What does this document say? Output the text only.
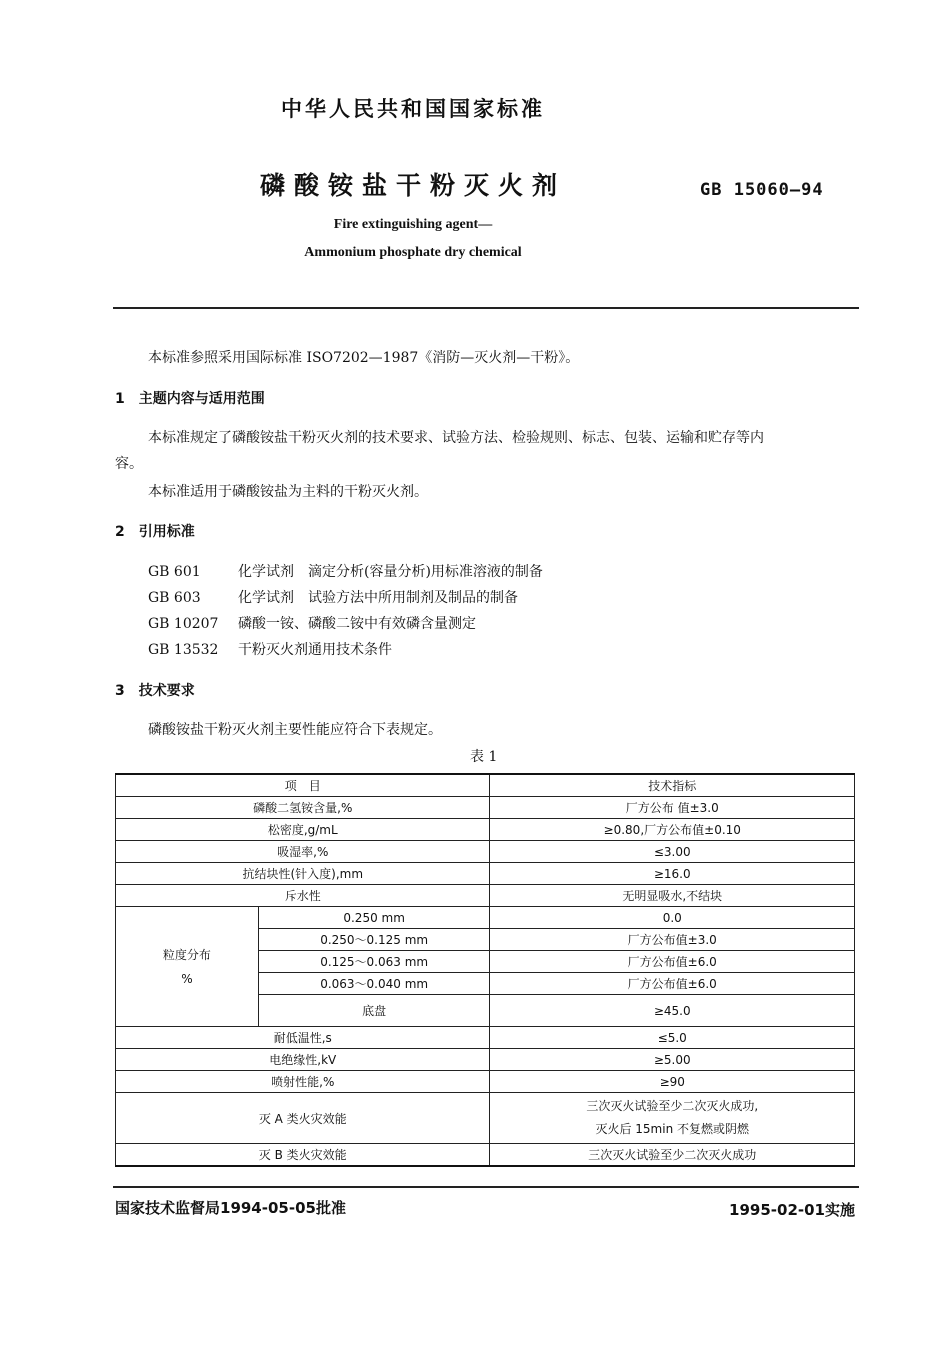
中华人民共和国国家标准
磷酸铵盐干粉灭火剂	GB 15060—94
Fire extinguishing agent—
Ammonium phosphate dry chemical
本标准参照采用国际标准 ISO7202—1987《消防—灭火剂—干粉》。
1　主题内容与适用范围
本标准规定了磷酸铵盐干粉灭火剂的技术要求、试验方法、检验规则、标志、包装、运输和贮存等内
容。
本标准适用于磷酸铵盐为主料的干粉灭火剂。
2　引用标准
GB 601	化学试剂　滴定分析(容量分析)用标准溶液的制备
GB 603	化学试剂　试验方法中所用制剂及制品的制备
GB 10207 磷酸一铵、磷酸二铵中有效磷含量测定
GB 13532 干粉灭火剂通用技术条件
3　技术要求
磷酸铵盐干粉灭火剂主要性能应符合下表规定。
表 1
项　目		技术指标
磷酸二氢铵含量,%		厂方公布 值±3.0
松密度,g/mL		≥0.80,厂方公布值±0.10
吸湿率,%		≤3.00
抗结块性(针入度),mm		≥16.0
斥水性		无明显吸水,不结块

粒度分布
%	0.250 mm	0.0
	0.250～0.125 mm	厂方公布值±3.0
	0.125～0.063 mm	厂方公布值±6.0
	0.063～0.040 mm	厂方公布值±6.0
	底盘	≥45.0
耐低温性,s		≤5.0
电绝缘性,kV		≥5.00
喷射性能,%		≥90
灭 A 类火灾效能		三次灭火试验至少二次灭火成功,
灭火后 15min 不复燃或阴燃

灭 B 类火灾效能		三次灭火试验至少二次灭火成功
国家技术监督局1994-05-05批准	1995-02-01实施
